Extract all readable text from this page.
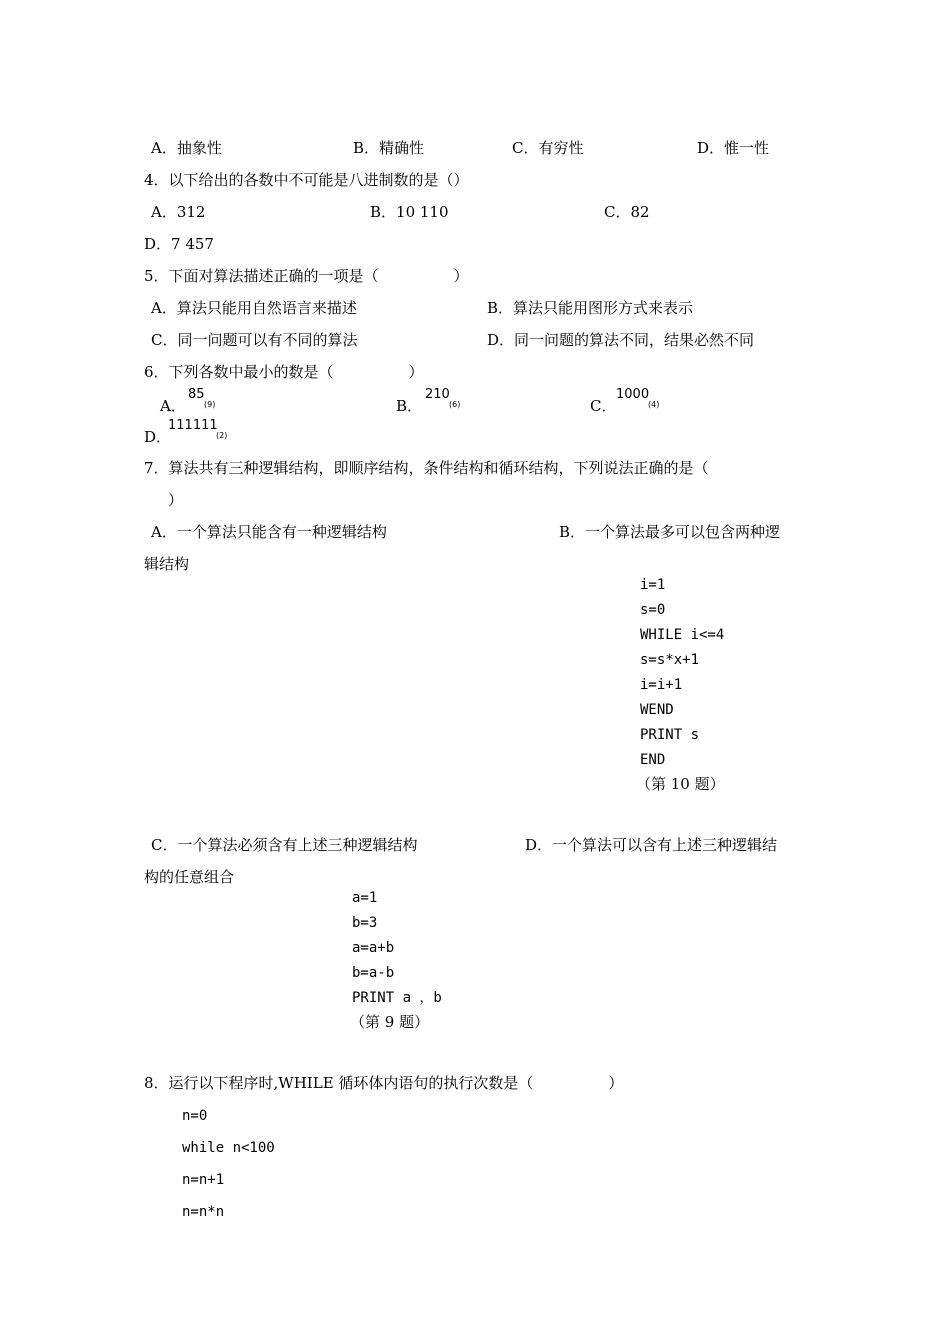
A．抽象性	B．精确性	C．有穷性	D．惟一性
4．以下给出的各数中不可能是八进制数的是（）
A．312	B．10 110	C．82
D．7 457
5．下面对算法描述正确的一项是（　　　　　）
A．算法只能用自然语言来描述	B．算法只能用图形方式来表示
C．同一问题可以有不同的算法	D．同一问题的算法不同，结果必然不同
6．下列各数中最小的数是（　　　　　）
A．
85
(9)	B．
210
(6)	C．
1000
(4)
D．
111111
(2)
7．算法共有三种逻辑结构，即顺序结构，条件结构和循环结构，下列说法正确的是（
）
A．一个算法只能含有一种逻辑结构	B．一个算法最多可以包含两种逻
辑结构
i=1
s=0
WHILE i<=4
s=s*x+1
i=i+1
WEND
PRINT s
END
（第 10 题）
C．一个算法必须含有上述三种逻辑结构	D．一个算法可以含有上述三种逻辑结
构的任意组合
a=1
b=3
a=a+b
b=a-b
PRINT a ，b
（第 9 题）
8．运行以下程序时,WHILE 循环体内语句的执行次数是（　　　　　）
n=0
while n<100
n=n+1
n=n*n
